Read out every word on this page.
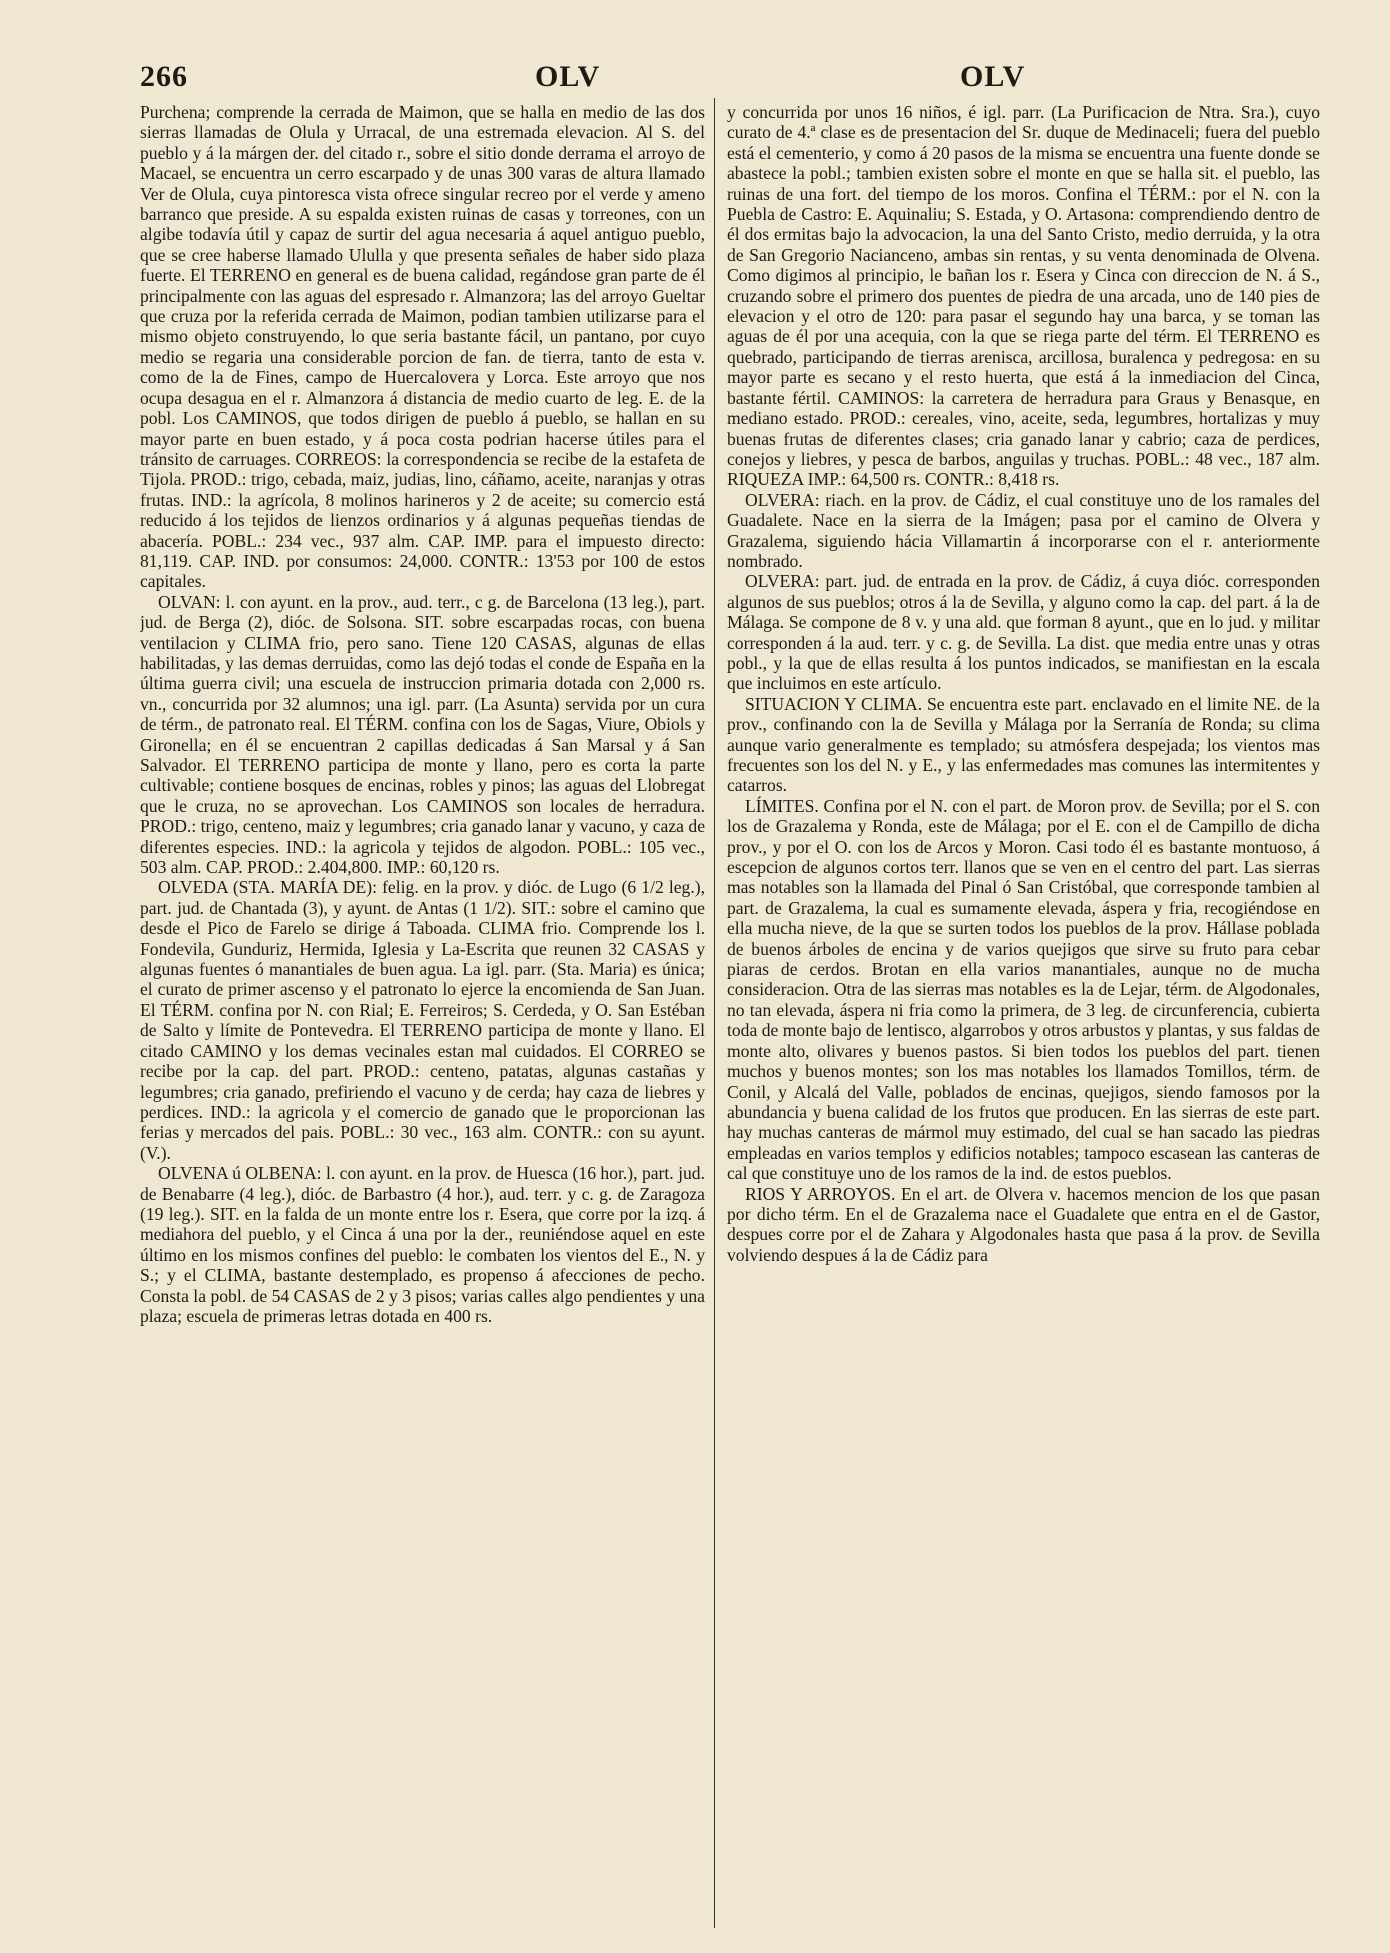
266	OLV	OLV

Purchena; comprende la cerrada de Maimon, que se halla en medio de las dos sierras llamadas de Olula y Urracal, de una estremada elevacion. Al S. del pueblo y á la márgen der. del citado r., sobre el sitio donde derrama el arroyo de Macael, se encuentra un cerro escarpado y de unas 300 varas de altura llamado Ver de Olula, cuya pintoresca vista ofrece singular recreo por el verde y ameno barranco que preside. A su espalda existen ruinas de casas y torreones, con un algibe todavía útil y capaz de surtir del agua necesaria á aquel antiguo pueblo, que se cree haberse llamado Ululla y que presenta señales de haber sido plaza fuerte. El TERRENO en general es de buena calidad, regándose gran parte de él principalmente con las aguas del espresado r. Almanzora; las del arroyo Gueltar que cruza por la referida cerrada de Maimon, podian tambien utilizarse para el mismo objeto construyendo, lo que seria bastante fácil, un pantano, por cuyo medio se regaria una considerable porcion de fan. de tierra, tanto de esta v. como de la de Fines, campo de Huercalovera y Lorca. Este arroyo que nos ocupa desagua en el r. Almanzora á distancia de medio cuarto de leg. E. de la pobl. Los CAMINOS, que todos dirigen de pueblo á pueblo, se hallan en su mayor parte en buen estado, y á poca costa podrian hacerse útiles para el tránsito de carruages. CORREOS: la correspondencia se recibe de la estafeta de Tijola. PROD.: trigo, cebada, maiz, judias, lino, cáñamo, aceite, naranjas y otras frutas. IND.: la agrícola, 8 molinos harineros y 2 de aceite; su comercio está reducido á los tejidos de lienzos ordinarios y á algunas pequeñas tiendas de abacería. POBL.: 234 vec., 937 alm. CAP. IMP. para el impuesto directo: 81,119. CAP. IND. por consumos: 24,000. CONTR.: 13'53 por 100 de estos capitales.

OLVAN: l. con ayunt. en la prov., aud. terr., c g. de Barcelona (13 leg.), part. jud. de Berga (2), dióc. de Solsona. SIT. sobre escarpadas rocas, con buena ventilacion y CLIMA frio, pero sano. Tiene 120 CASAS, algunas de ellas habilitadas, y las demas derruidas, como las dejó todas el conde de España en la última guerra civil; una escuela de instruccion primaria dotada con 2,000 rs. vn., concurrida por 32 alumnos; una igl. parr. (La Asunta) servida por un cura de térm., de patronato real. El TÉRM. confina con los de Sagas, Viure, Obiols y Gironella; en él se encuentran 2 capillas dedicadas á San Marsal y á San Salvador. El TERRENO participa de monte y llano, pero es corta la parte cultivable; contiene bosques de encinas, robles y pinos; las aguas del Llobregat que le cruza, no se aprovechan. Los CAMINOS son locales de herradura. PROD.: trigo, centeno, maiz y legumbres; cria ganado lanar y vacuno, y caza de diferentes especies. IND.: la agricola y tejidos de algodon. POBL.: 105 vec., 503 alm. CAP. PROD.: 2.404,800. IMP.: 60,120 rs.

OLVEDA (STA. MARÍA DE): felig. en la prov. y dióc. de Lugo (6 1/2 leg.), part. jud. de Chantada (3), y ayunt. de Antas (1 1/2). SIT.: sobre el camino que desde el Pico de Farelo se dirige á Taboada. CLIMA frio. Comprende los l. Fondevila, Gunduriz, Hermida, Iglesia y La-Escrita que reunen 32 CASAS y algunas fuentes ó manantiales de buen agua. La igl. parr. (Sta. Maria) es única; el curato de primer ascenso y el patronato lo ejerce la encomienda de San Juan. El TÉRM. confina por N. con Rial; E. Ferreiros; S. Cerdeda, y O. San Estéban de Salto y límite de Pontevedra. El TERRENO participa de monte y llano. El citado CAMINO y los demas vecinales estan mal cuidados. El CORREO se recibe por la cap. del part. PROD.: centeno, patatas, algunas castañas y legumbres; cria ganado, prefiriendo el vacuno y de cerda; hay caza de liebres y perdices. IND.: la agricola y el comercio de ganado que le proporcionan las ferias y mercados del pais. POBL.: 30 vec., 163 alm. CONTR.: con su ayunt. (V.).

OLVENA ú OLBENA: l. con ayunt. en la prov. de Huesca (16 hor.), part. jud. de Benabarre (4 leg.), dióc. de Barbastro (4 hor.), aud. terr. y c. g. de Zaragoza (19 leg.). SIT. en la falda de un monte entre los r. Esera, que corre por la izq. á mediahora del pueblo, y el Cinca á una por la der., reuniéndose aquel en este último en los mismos confines del pueblo: le combaten los vientos del E., N. y S.; y el CLIMA, bastante destemplado, es propenso á afecciones de pecho. Consta la pobl. de 54 CASAS de 2 y 3 pisos; varias calles algo pendientes y una plaza; escuela de primeras letras dotada en 400 rs.

y concurrida por unos 16 niños, é igl. parr. (La Purificacion de Ntra. Sra.), cuyo curato de 4.ª clase es de presentacion del Sr. duque de Medinaceli; fuera del pueblo está el cementerio, y como á 20 pasos de la misma se encuentra una fuente donde se abastece la pobl.; tambien existen sobre el monte en que se halla sit. el pueblo, las ruinas de una fort. del tiempo de los moros. Confina el TÉRM.: por el N. con la Puebla de Castro: E. Aquinaliu; S. Estada, y O. Artasona: comprendiendo dentro de él dos ermitas bajo la advocacion, la una del Santo Cristo, medio derruida, y la otra de San Gregorio Nacianceno, ambas sin rentas, y su venta denominada de Olvena. Como digimos al principio, le bañan los r. Esera y Cinca con direccion de N. á S., cruzando sobre el primero dos puentes de piedra de una arcada, uno de 140 pies de elevacion y el otro de 120: para pasar el segundo hay una barca, y se toman las aguas de él por una acequia, con la que se riega parte del térm. El TERRENO es quebrado, participando de tierras arenisca, arcillosa, buralenca y pedregosa: en su mayor parte es secano y el resto huerta, que está á la inmediacion del Cinca, bastante fértil. CAMINOS: la carretera de herradura para Graus y Benasque, en mediano estado. PROD.: cereales, vino, aceite, seda, legumbres, hortalizas y muy buenas frutas de diferentes clases; cria ganado lanar y cabrio; caza de perdices, conejos y liebres, y pesca de barbos, anguilas y truchas. POBL.: 48 vec., 187 alm. RIQUEZA IMP.: 64,500 rs. CONTR.: 8,418 rs.

OLVERA: riach. en la prov. de Cádiz, el cual constituye uno de los ramales del Guadalete. Nace en la sierra de la Imágen; pasa por el camino de Olvera y Grazalema, siguiendo hácia Villamartin á incorporarse con el r. anteriormente nombrado.

OLVERA: part. jud. de entrada en la prov. de Cádiz, á cuya dióc. corresponden algunos de sus pueblos; otros á la de Sevilla, y alguno como la cap. del part. á la de Málaga. Se compone de 8 v. y una ald. que forman 8 ayunt., que en lo jud. y militar corresponden á la aud. terr. y c. g. de Sevilla. La dist. que media entre unas y otras pobl., y la que de ellas resulta á los puntos indicados, se manifiestan en la escala que incluimos en este artículo.

SITUACION Y CLIMA. Se encuentra este part. enclavado en el limite NE. de la prov., confinando con la de Sevilla y Málaga por la Serranía de Ronda; su clima aunque vario generalmente es templado; su atmósfera despejada; los vientos mas frecuentes son los del N. y E., y las enfermedades mas comunes las intermitentes y catarros.

LÍMITES. Confina por el N. con el part. de Moron prov. de Sevilla; por el S. con los de Grazalema y Ronda, este de Málaga; por el E. con el de Campillo de dicha prov., y por el O. con los de Arcos y Moron. Casi todo él es bastante montuoso, á escepcion de algunos cortos terr. llanos que se ven en el centro del part. Las sierras mas notables son la llamada del Pinal ó San Cristóbal, que corresponde tambien al part. de Grazalema, la cual es sumamente elevada, áspera y fria, recogiéndose en ella mucha nieve, de la que se surten todos los pueblos de la prov. Hállase poblada de buenos árboles de encina y de varios quejigos que sirve su fruto para cebar piaras de cerdos. Brotan en ella varios manantiales, aunque no de mucha consideracion. Otra de las sierras mas notables es la de Lejar, térm. de Algodonales, no tan elevada, áspera ni fria como la primera, de 3 leg. de circunferencia, cubierta toda de monte bajo de lentisco, algarrobos y otros arbustos y plantas, y sus faldas de monte alto, olivares y buenos pastos. Si bien todos los pueblos del part. tienen muchos y buenos montes; son los mas notables los llamados Tomillos, térm. de Conil, y Alcalá del Valle, poblados de encinas, quejigos, siendo famosos por la abundancia y buena calidad de los frutos que producen. En las sierras de este part. hay muchas canteras de mármol muy estimado, del cual se han sacado las piedras empleadas en varios templos y edificios notables; tampoco escasean las canteras de cal que constituye uno de los ramos de la ind. de estos pueblos.

RIOS Y ARROYOS. En el art. de Olvera v. hacemos mencion de los que pasan por dicho térm. En el de Grazalema nace el Guadalete que entra en el de Gastor, despues corre por el de Zahara y Algodonales hasta que pasa á la prov. de Sevilla volviendo despues á la de Cádiz para
